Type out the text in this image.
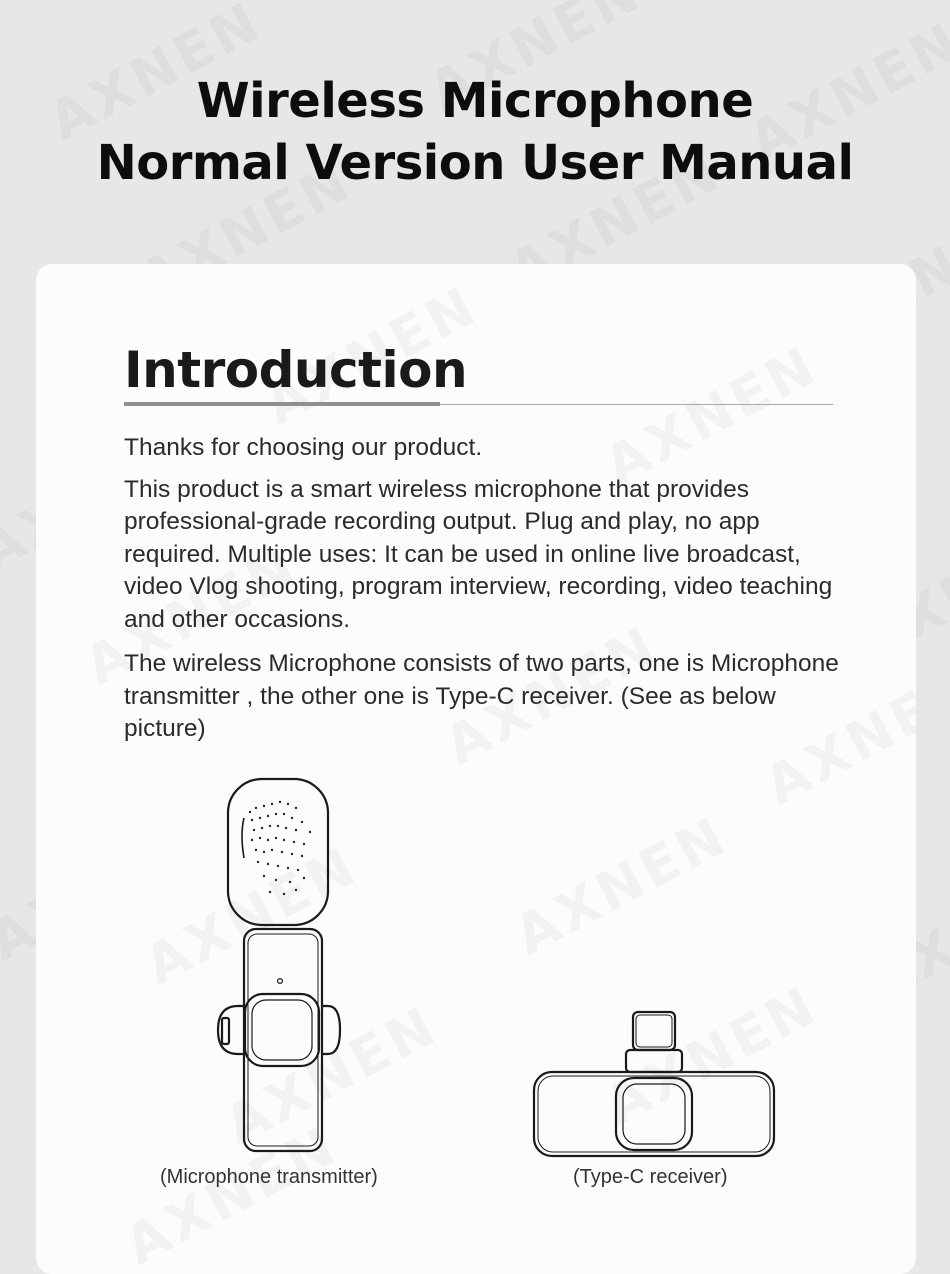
Wireless Microphone
Normal Version User Manual
Introduction

Thanks for choosing our product.

This product is a smart wireless microphone that provides professional-grade recording output. Plug and play, no app required. Multiple uses: It can be used in online live broadcast, video Vlog shooting, program interview, recording, video teaching and other occasions.

The wireless Microphone consists of two parts, one is Microphone transmitter , the other one is Type-C receiver. (See as below picture)

(Microphone transmitter)	(Type-C receiver)
